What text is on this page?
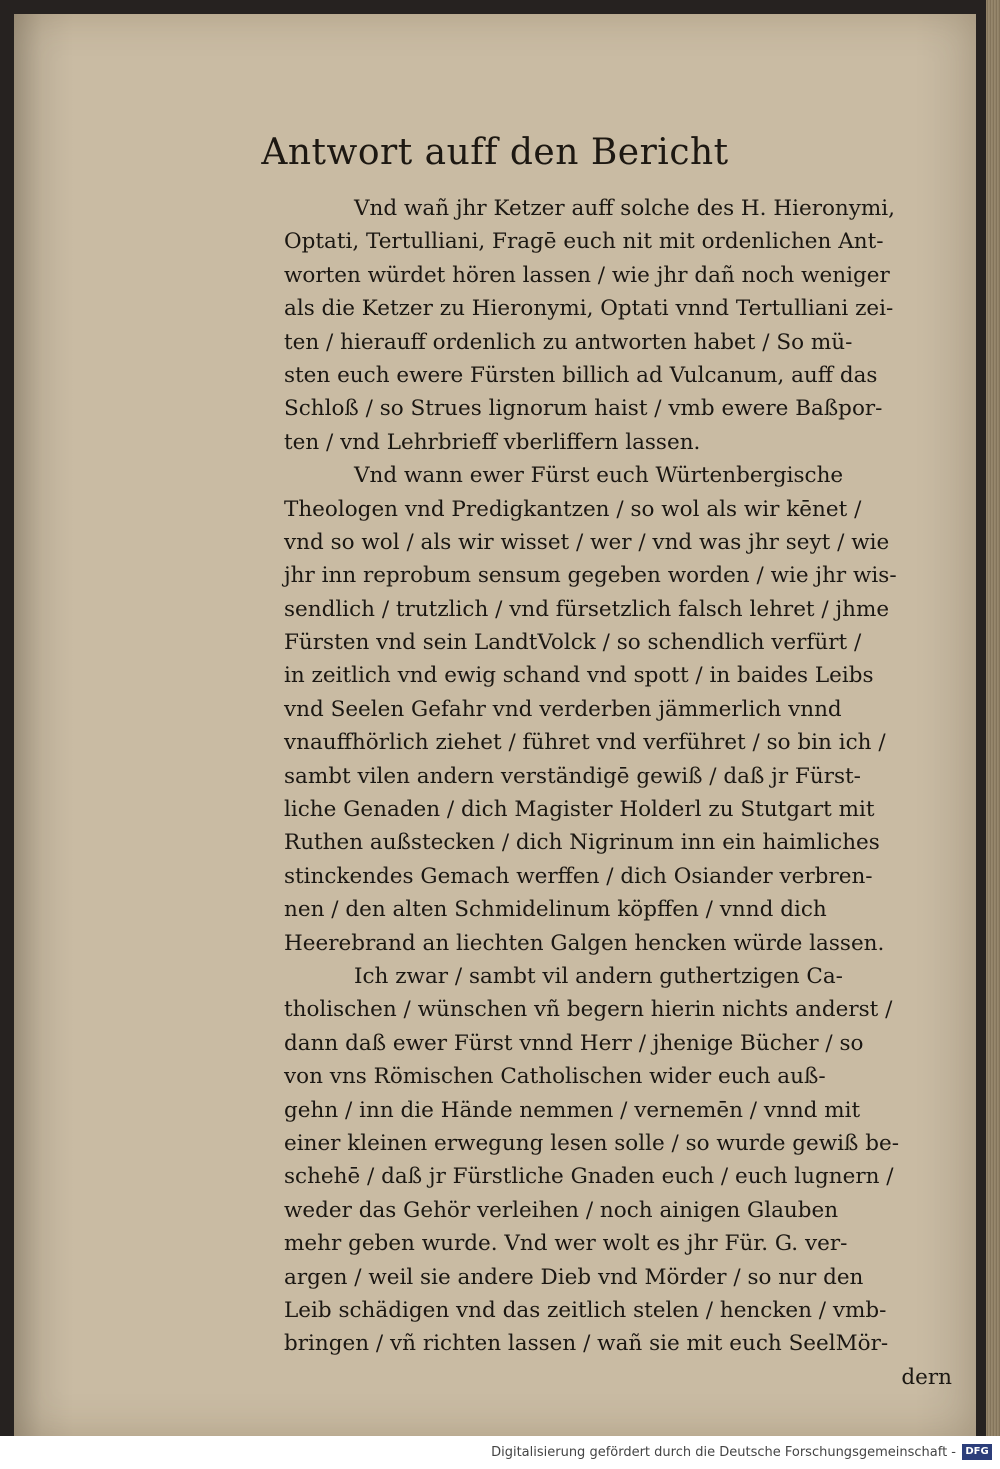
Antwort auff den Bericht
Vnd wañ jhr Ketzer auff solche des H. Hieronymi,
Optati, Tertulliani, Fragē euch nit mit ordenlichen Ant-
worten würdet hören lassen / wie jhr dañ noch weniger
als die Ketzer zu Hieronymi, Optati vnnd Tertulliani zei-
ten / hierauff ordenlich zu antworten habet / So mü-
sten euch ewere Fürsten billich ad Vulcanum, auff das
Schloß / so Strues lignorum haist / vmb ewere Baßpor-
ten / vnd Lehrbrieff vberliffern lassen.
Vnd wann ewer Fürst euch Würtenbergische
Theologen vnd Predigkantzen / so wol als wir kēnet /
vnd so wol / als wir wisset / wer / vnd was jhr seyt / wie
jhr inn reprobum sensum gegeben worden / wie jhr wis-
sendlich / trutzlich / vnd fürsetzlich falsch lehret / jhme
Fürsten vnd sein LandtVolck / so schendlich verfürt /
in zeitlich vnd ewig schand vnd spott / in baides Leibs
vnd Seelen Gefahr vnd verderben jämmerlich vnnd
vnauffhörlich ziehet / führet vnd verführet / so bin ich /
sambt vilen andern verständigē gewiß / daß jr Fürst-
liche Genaden / dich Magister Holderl zu Stutgart mit
Ruthen außstecken / dich Nigrinum inn ein haimliches
stinckendes Gemach werffen / dich Osiander verbren-
nen / den alten Schmidelinum köpffen / vnnd dich
Heerebrand an liechten Galgen hencken würde lassen.
Ich zwar / sambt vil andern guthertzigen Ca-
tholischen / wünschen vñ begern hierin nichts anderst /
dann daß ewer Fürst vnnd Herr / jhenige Bücher / so
von vns Römischen Catholischen wider euch auß-
gehn / inn die Hände nemmen / vernemēn / vnnd mit
einer kleinen erwegung lesen solle / so wurde gewiß be-
schehē / daß jr Fürstliche Gnaden euch / euch lugnern /
weder das Gehör verleihen / noch ainigen Glauben
mehr geben wurde. Vnd wer wolt es jhr Für. G. ver-
argen / weil sie andere Dieb vnd Mörder / so nur den
Leib schädigen vnd das zeitlich stelen / hencken / vmb-
bringen / vñ richten lassen / wañ sie mit euch SeelMör-
dern
Digitalisierung gefördert durch die Deutsche Forschungsgemeinschaft - DFG
